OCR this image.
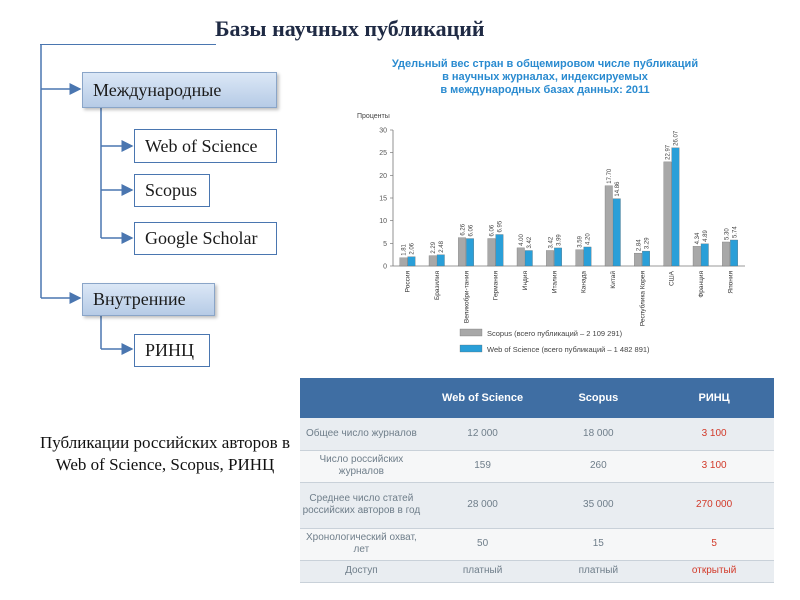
Базы научных публикаций
Международные
Web of Science
Scopus
Google Scholar
Внутренние
РИНЦ
Публикации российских авторов в Web of Science, Scopus, РИНЦ
Удельный вес стран в общемировом числе публикаций
в научных журналах, индексируемых
в международных базах данных: 2011
Проценты
0
5
10
15
20
25
30
1.81 2.06
Россия
2.29 2.48
Бразилия
6.26 6.06
Великобри-тания
6.06 6.95
Германия
4.00 3.42
Индия
3.42 3.99
Италия
3.59 4.20
Канада
17.70
14.86
Китай
2.84 3.29
Республика Корея
22.97
26.07
США
4.34 4.89
Франция
5.30 5.74
Япония
Scopus (всего публикаций – 2 109 291)
Web of Science (всего публикаций – 1 482 891)
	Web of Science	Scopus	РИНЦ
Общее число журналов	12 000	18 000	3 100
Число российских журналов	159	260	3 100
Среднее число статей российских авторов в год	28 000	35 000	270 000
Хронологический охват, лет	50	15	5
Доступ	платный	платный	открытый
